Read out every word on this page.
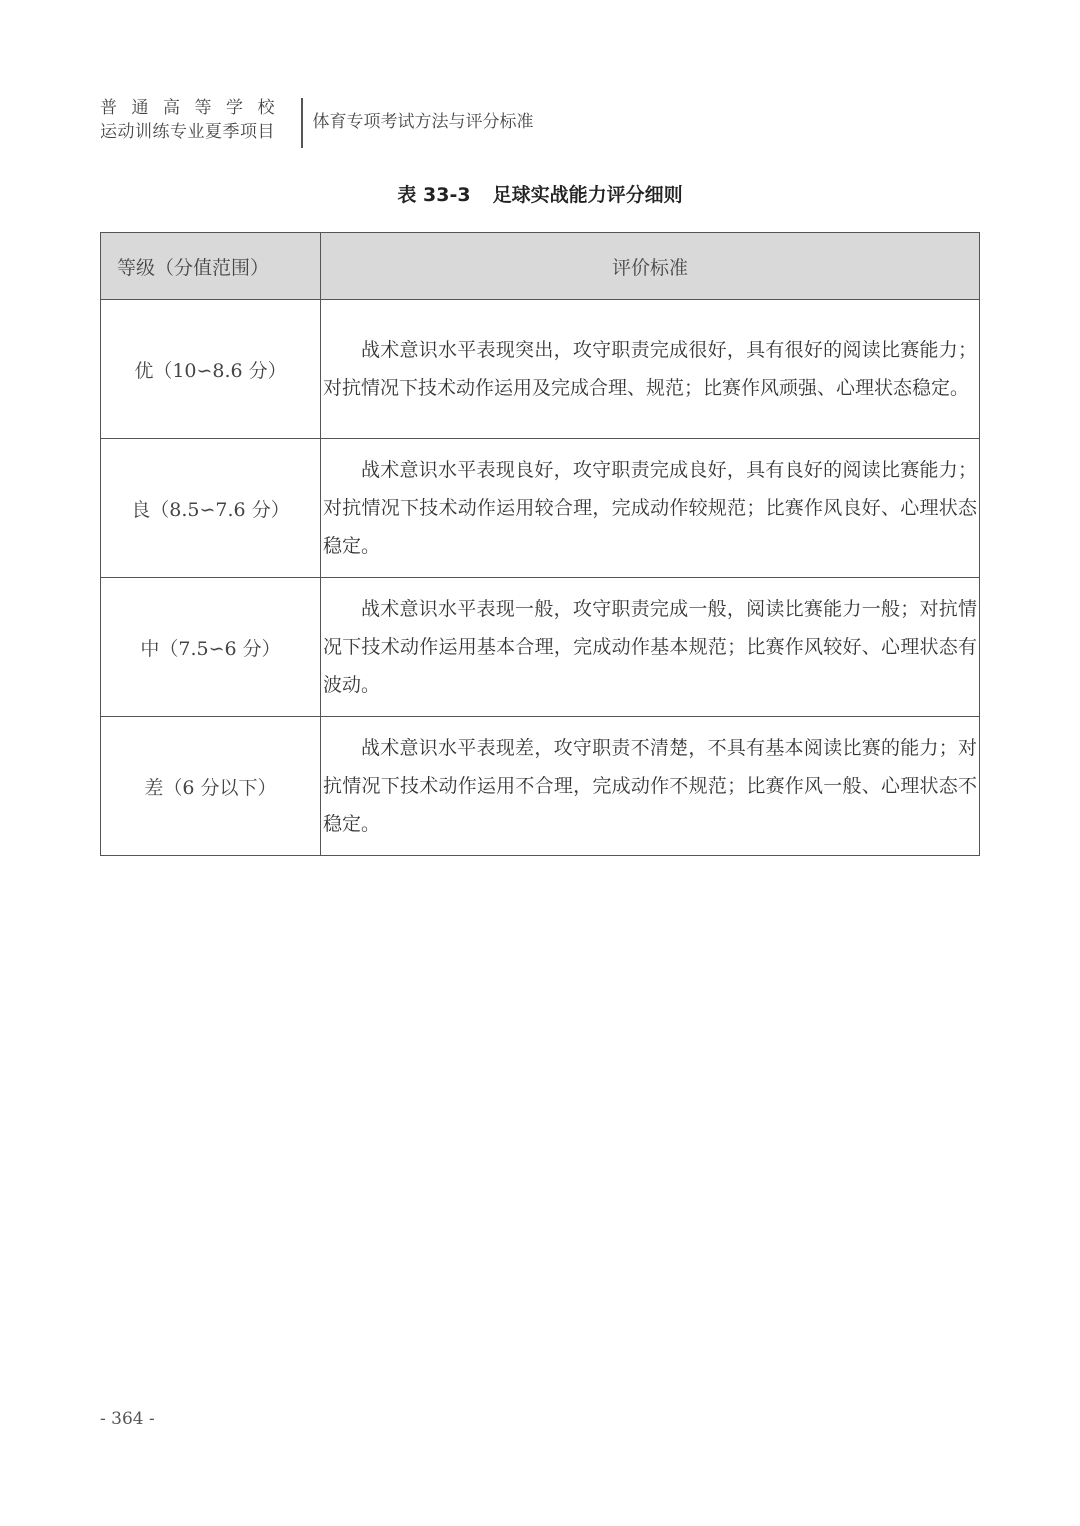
普通高等学校
运动训练专业夏季项目	体育专项考试方法与评分标准
表 33-3 足球实战能力评分细则
等级（分值范围）	评价标准
优（10∽8.6 分）	战术意识水平表现突出，攻守职责完成很好，具有很好的阅读比赛能力；对抗情况下技术动作运用及完成合理、规范；比赛作风顽强、心理状态稳定。

良（8.5∽7.6 分）	战术意识水平表现良好，攻守职责完成良好，具有良好的阅读比赛能力；对抗情况下技术动作运用较合理，完成动作较规范；比赛作风良好、心理状态稳定。

中（7.5∽6 分）	战术意识水平表现一般，攻守职责完成一般，阅读比赛能力一般；对抗情况下技术动作运用基本合理，完成动作基本规范；比赛作风较好、心理状态有波动。

差（6 分以下）	战术意识水平表现差，攻守职责不清楚，不具有基本阅读比赛的能力；对抗情况下技术动作运用不合理，完成动作不规范；比赛作风一般、心理状态不稳定。

- 364 -
